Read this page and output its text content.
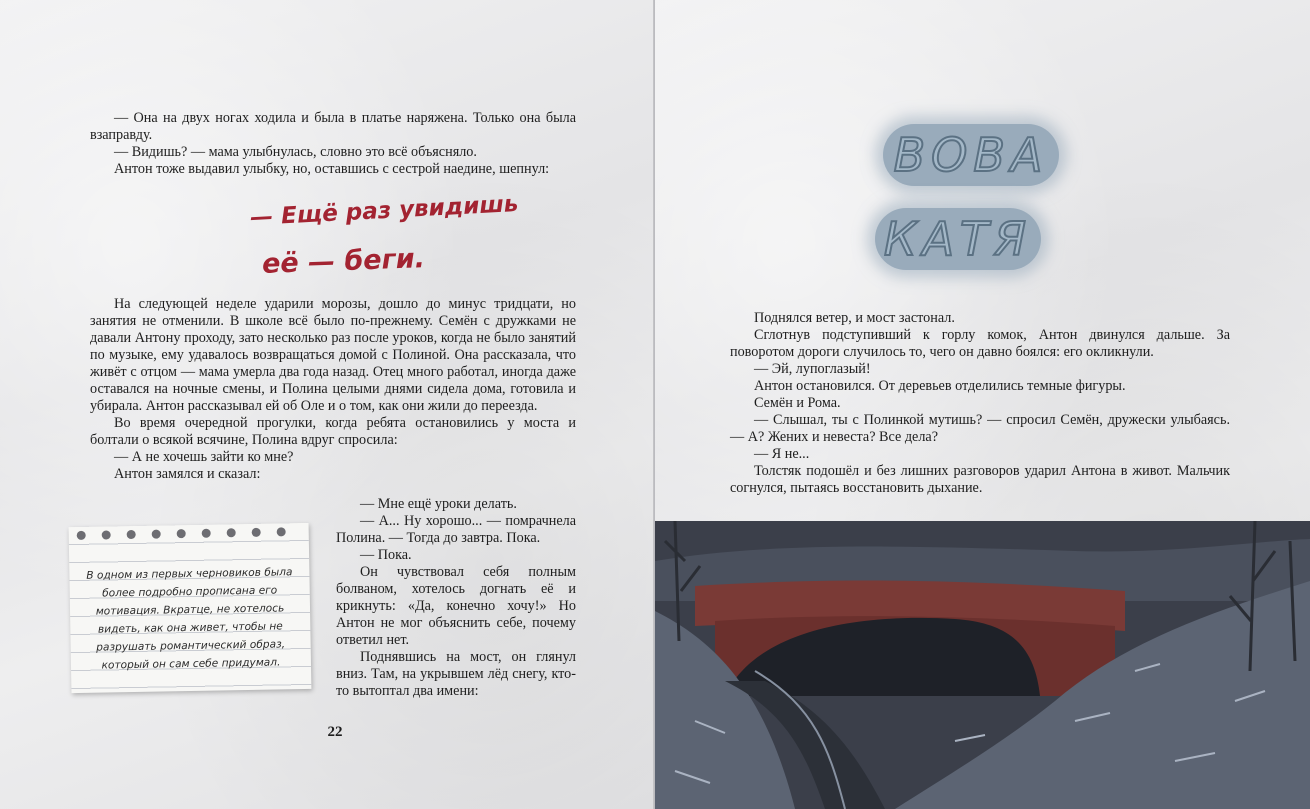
— Она на двух ногах ходила и была в платье наряжена. Только она была взаправду.

— Видишь? — мама улыбнулась, словно это всё объясняло.

Антон тоже выдавил улыбку, но, оставшись с сестрой наедине, шепнул:

— Ещё раз увидишь
её — беги.

На следующей неделе ударили морозы, дошло до минус тридцати, но занятия не отменили. В школе всё было по-прежнему. Семён с дружками не давали Антону проходу, зато несколько раз после уроков, когда не было занятий по музыке, ему удавалось возвращаться домой с Полиной. Она рассказала, что живёт с отцом — мама умерла два года назад. Отец много работал, иногда даже оставался на ночные смены, и Полина целыми днями сидела дома, готовила и убирала. Антон рассказывал ей об Оле и о том, как они жили до переезда.

Во время очередной прогулки, когда ребята остановились у моста и болтали о всякой всячине, Полина вдруг спросила:

— А не хочешь зайти ко мне?

Антон замялся и сказал:

— Мне ещё уроки делать.

— А... Ну хорошо... — помрачнела Полина. — Тогда до завтра. Пока.

— Пока.

Он чувствовал себя полным болваном, хотелось догнать её и крикнуть: «Да, конечно хочу!» Но Антон не мог объяснить себе, почему ответил нет.

Поднявшись на мост, он глянул вниз. Там, на укрывшем лёд снегу, кто-то вытоптал два имени:

В одном из первых черновиков была более подробно прописана его мотивация. Вкратце, не хотелось видеть, как она живет, чтобы не разрушать романтический образ, который он сам себе придумал.
22
ВОВА
КАТЯ

Поднялся ветер, и мост застонал.

Сглотнув подступивший к горлу комок, Антон двинулся дальше. За поворотом дороги случилось то, чего он давно боялся: его окликнули.

— Эй, лупоглазый!

Антон остановился. От деревьев отделились темные фигуры.

Семён и Рома.

— Слышал, ты с Полинкой мутишь? — спросил Семён, дружески улыбаясь. — А? Жених и невеста? Все дела?

— Я не...

Толстяк подошёл и без лишних разговоров ударил Антона в живот. Мальчик согнулся, пытаясь восстановить дыхание.
